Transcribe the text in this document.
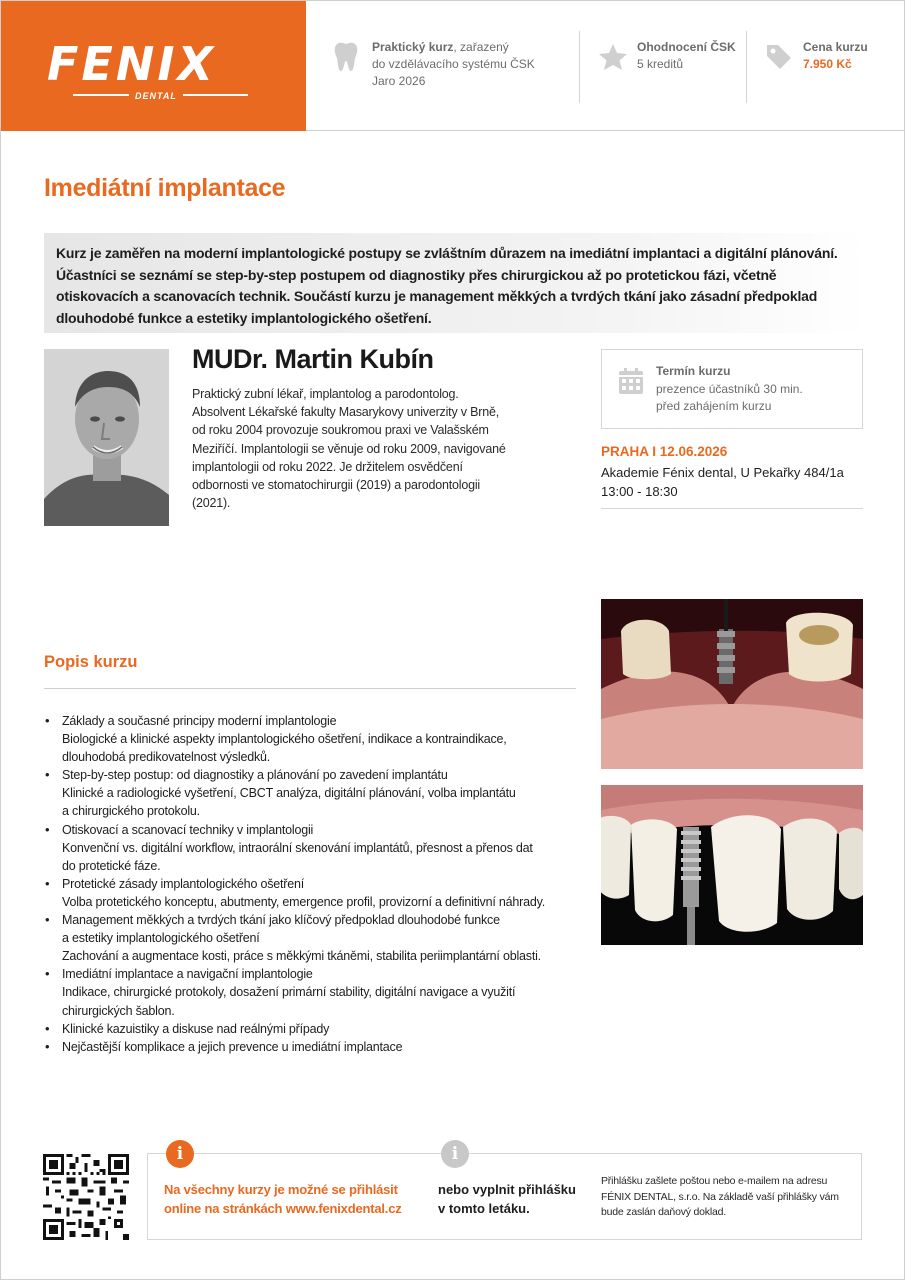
FENIX
DENTAL
Praktický kurz, zařazený
do vzdělávacího systému ČSK
Jaro 2026
Ohodnocení ČSK
5 kreditů
Cena kurzu
7.950 Kč
Imediátní implantace
Kurz je zaměřen na moderní implantologické postupy se zvláštním důrazem na imediátní implantaci a digitální plánování. Účastníci se seznámí se step-by-step postupem od diagnostiky přes chirurgickou až po protetickou fázi, včetně otiskovacích a scanovacích technik. Součástí kurzu je management měkkých a tvrdých tkání jako zásadní předpoklad dlouhodobé funkce a estetiky implantologického ošetření.
MUDr. Martin Kubín
Praktický zubní lékař, implantolog a parodontolog.
Absolvent Lékařské fakulty Masarykovy univerzity v Brně,
od roku 2004 provozuje soukromou praxi ve Valašském
Meziříčí. Implantologii se věnuje od roku 2009, navigované
implantologii od roku 2022. Je držitelem osvědčení
odbornosti ve stomatochirurgii (2019) a parodontologii
(2021).
Termín kurzu
prezence účastníků 30 min.
před zahájením kurzu
PRAHA I 12.06.2026
Akademie Fénix dental, U Pekařky 484/1a
13:00 - 18:30
Popis kurzu
• Základy a současné principy moderní implantologie
Biologické a klinické aspekty implantologického ošetření, indikace a kontraindikace,
dlouhodobá predikovatelnost výsledků.
• Step-by-step postup: od diagnostiky a plánování po zavedení implantátu
Klinické a radiologické vyšetření, CBCT analýza, digitální plánování, volba implantátu
a chirurgického protokolu.
• Otiskovací a scanovací techniky v implantologii
Konvenční vs. digitální workflow, intraorální skenování implantátů, přesnost a přenos dat
do protetické fáze.
• Protetické zásady implantologického ošetření
Volba protetického konceptu, abutmenty, emergence profil, provizorní a definitivní náhrady.
• Management měkkých a tvrdých tkání jako klíčový předpoklad dlouhodobé funkce
a estetiky implantologického ošetření
Zachování a augmentace kosti, práce s měkkými tkáněmi, stabilita periimplantární oblasti.
• Imediátní implantace a navigační implantologie
Indikace, chirurgické protokoly, dosažení primární stability, digitální navigace a využití
chirurgických šablon.
• Klinické kazuistiky a diskuse nad reálnými případy
• Nejčastější komplikace a jejich prevence u imediátní implantace
i	i
Na všechny kurzy je možné se přihlásit
online na stránkách www.fenixdental.cz
nebo vyplnit přihlášku
v tomto letáku.
Přihlášku zašlete poštou nebo e-mailem na adresu
FÉNIX DENTAL, s.r.o. Na základě vaší přihlášky vám
bude zaslán daňový doklad.
